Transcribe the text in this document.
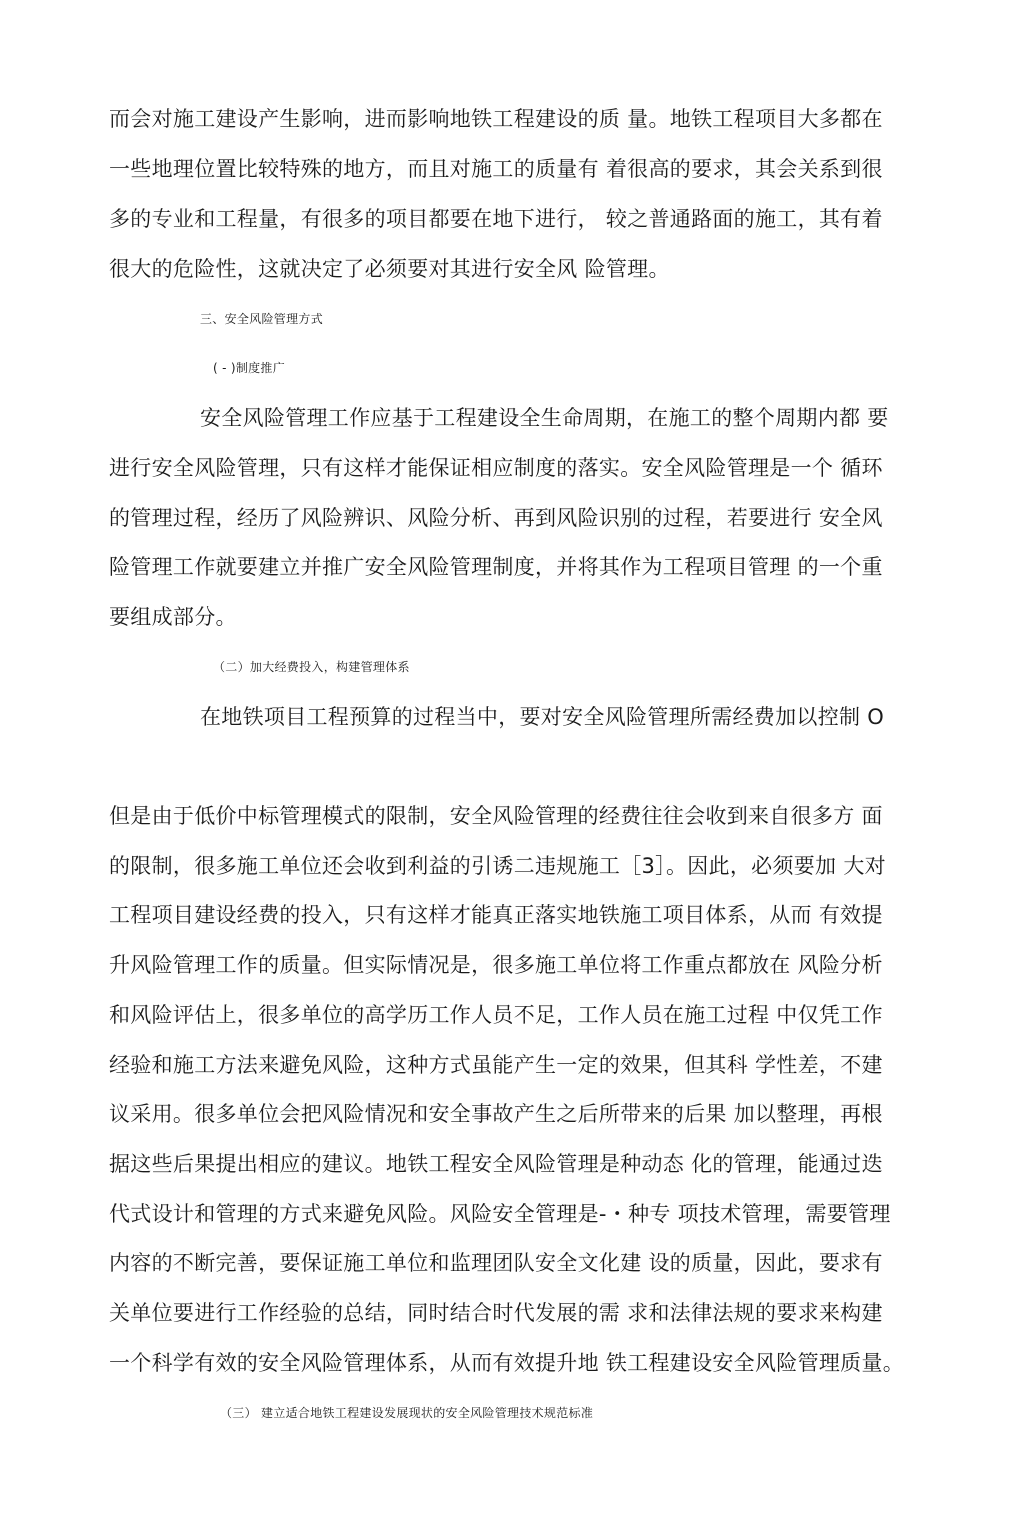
而会对施工建设产生影响，进而影响地铁工程建设的质 量。地铁工程项目大多都在
一些地理位置比较特殊的地方，而且对施工的质量有 着很高的要求，其会关系到很
多的专业和工程量，有很多的项目都要在地下进行， 较之普通路面的施工，其有着
很大的危险性，这就决定了必须要对其进行安全风 险管理。
三、安全风险管理方式
( - )制度推广
安全风险管理工作应基于工程建设全生命周期，在施工的整个周期内都 要
进行安全风险管理，只有这样才能保证相应制度的落实。安全风险管理是一个 循环
的管理过程，经历了风险辨识、风险分析、再到风险识别的过程，若要进行 安全风
险管理工作就要建立并推广安全风险管理制度，并将其作为工程项目管理 的一个重
要组成部分。
（二）加大经费投入，构建管理体系
在地铁项目工程预算的过程当中，要对安全风险管理所需经费加以控制 O
但是由于低价中标管理模式的限制，安全风险管理的经费往往会收到来自很多方 面
的限制，很多施工单位还会收到利益的引诱二违规施工［3］。因此，必须要加 大对
工程项目建设经费的投入，只有这样才能真正落实地铁施工项目体系，从而 有效提
升风险管理工作的质量。但实际情况是，很多施工单位将工作重点都放在 风险分析
和风险评估上，很多单位的高学历工作人员不足，工作人员在施工过程 中仅凭工作
经验和施工方法来避免风险，这种方式虽能产生一定的效果，但其科 学性差，不建
议采用。很多单位会把风险情况和安全事故产生之后所带来的后果 加以整理，再根
据这些后果提出相应的建议。地铁工程安全风险管理是种动态 化的管理，能通过迭
代式设计和管理的方式来避免风险。风险安全管理是-・种专 项技术管理，需要管理
内容的不断完善，要保证施工单位和监理团队安全文化建 设的质量，因此，要求有
关单位要进行工作经验的总结，同时结合时代发展的需 求和法律法规的要求来构建
一个科学有效的安全风险管理体系，从而有效提升地 铁工程建设安全风险管理质量。
（三） 建立适合地铁工程建设发展现状的安全风险管理技术规范标准
